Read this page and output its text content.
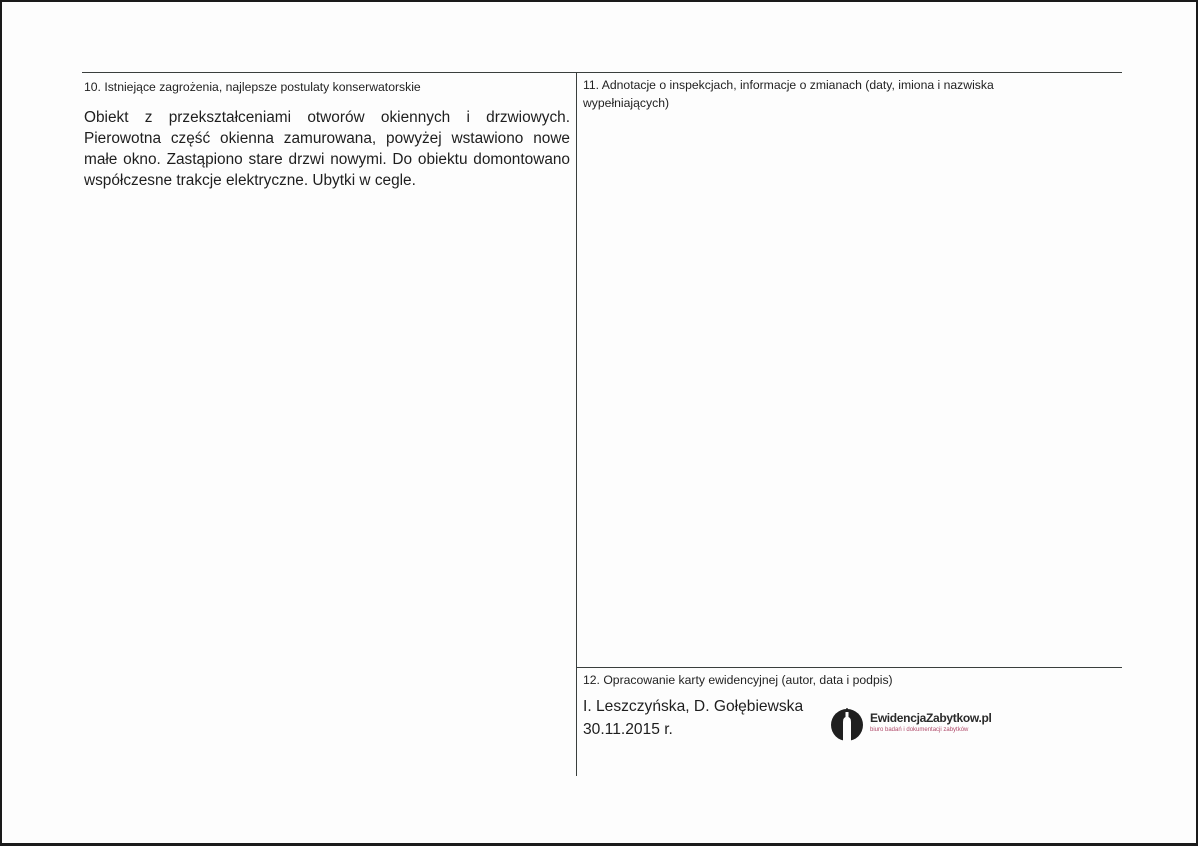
10. Istniejące zagrożenia, najlepsze postulaty konserwatorskie
Obiekt z przekształceniami otworów okiennych i drzwiowych. Pierowotna część okienna zamurowana, powyżej wstawiono nowe małe okno. Zastąpiono stare drzwi nowymi. Do obiektu domontowano współczesne trakcje elektryczne. Ubytki w cegle.
11. Adnotacje o inspekcjach, informacje o zmianach (daty, imiona i nazwiska wypełniających)
12. Opracowanie karty ewidencyjnej (autor, data i podpis)
I. Leszczyńska, D. Gołębiewska
30.11.2015 r.
EwidencjaZabytkow.pl
biuro badań i dokumentacji zabytków
